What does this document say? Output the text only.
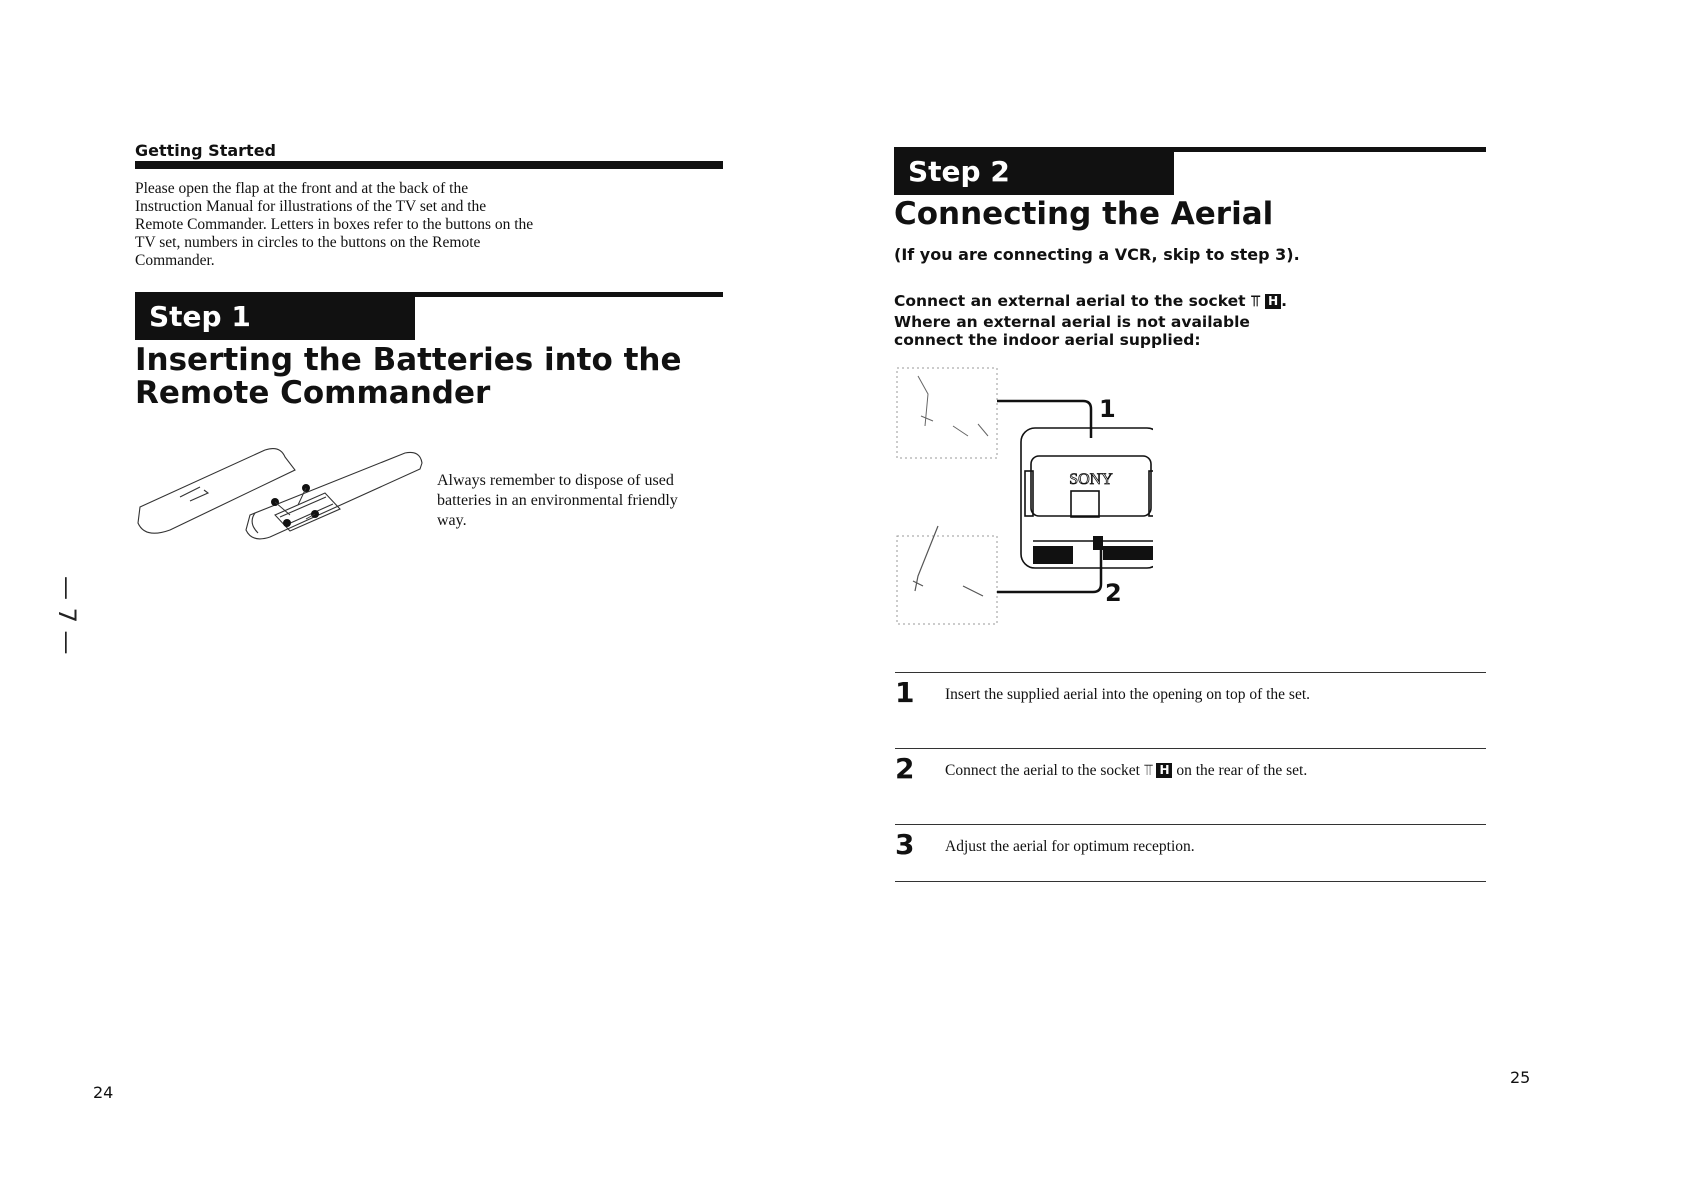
Getting Started
Please open the flap at the front and at the back of the Instruction Manual for illustrations of the TV set and the Remote Commander. Letters in boxes refer to the buttons on the TV set, numbers in circles to the buttons on the Remote Commander.
Step 1
Inserting the Batteries into the
Remote Commander
Always remember to dispose of used batteries in an environmental friendly way.
— 7 —
24
Step 2
Connecting the Aerial
(If you are connecting a VCR, skip to step 3).
Connect an external aerial to the socket ⫪ H .
Where an external aerial is not available
connect the indoor aerial supplied:
SONY
1
2
1 Insert the supplied aerial into the opening on top of the set.
2 Connect the aerial to the socket ⫪ H on the rear of the set.
3 Adjust the aerial for optimum reception.
25
